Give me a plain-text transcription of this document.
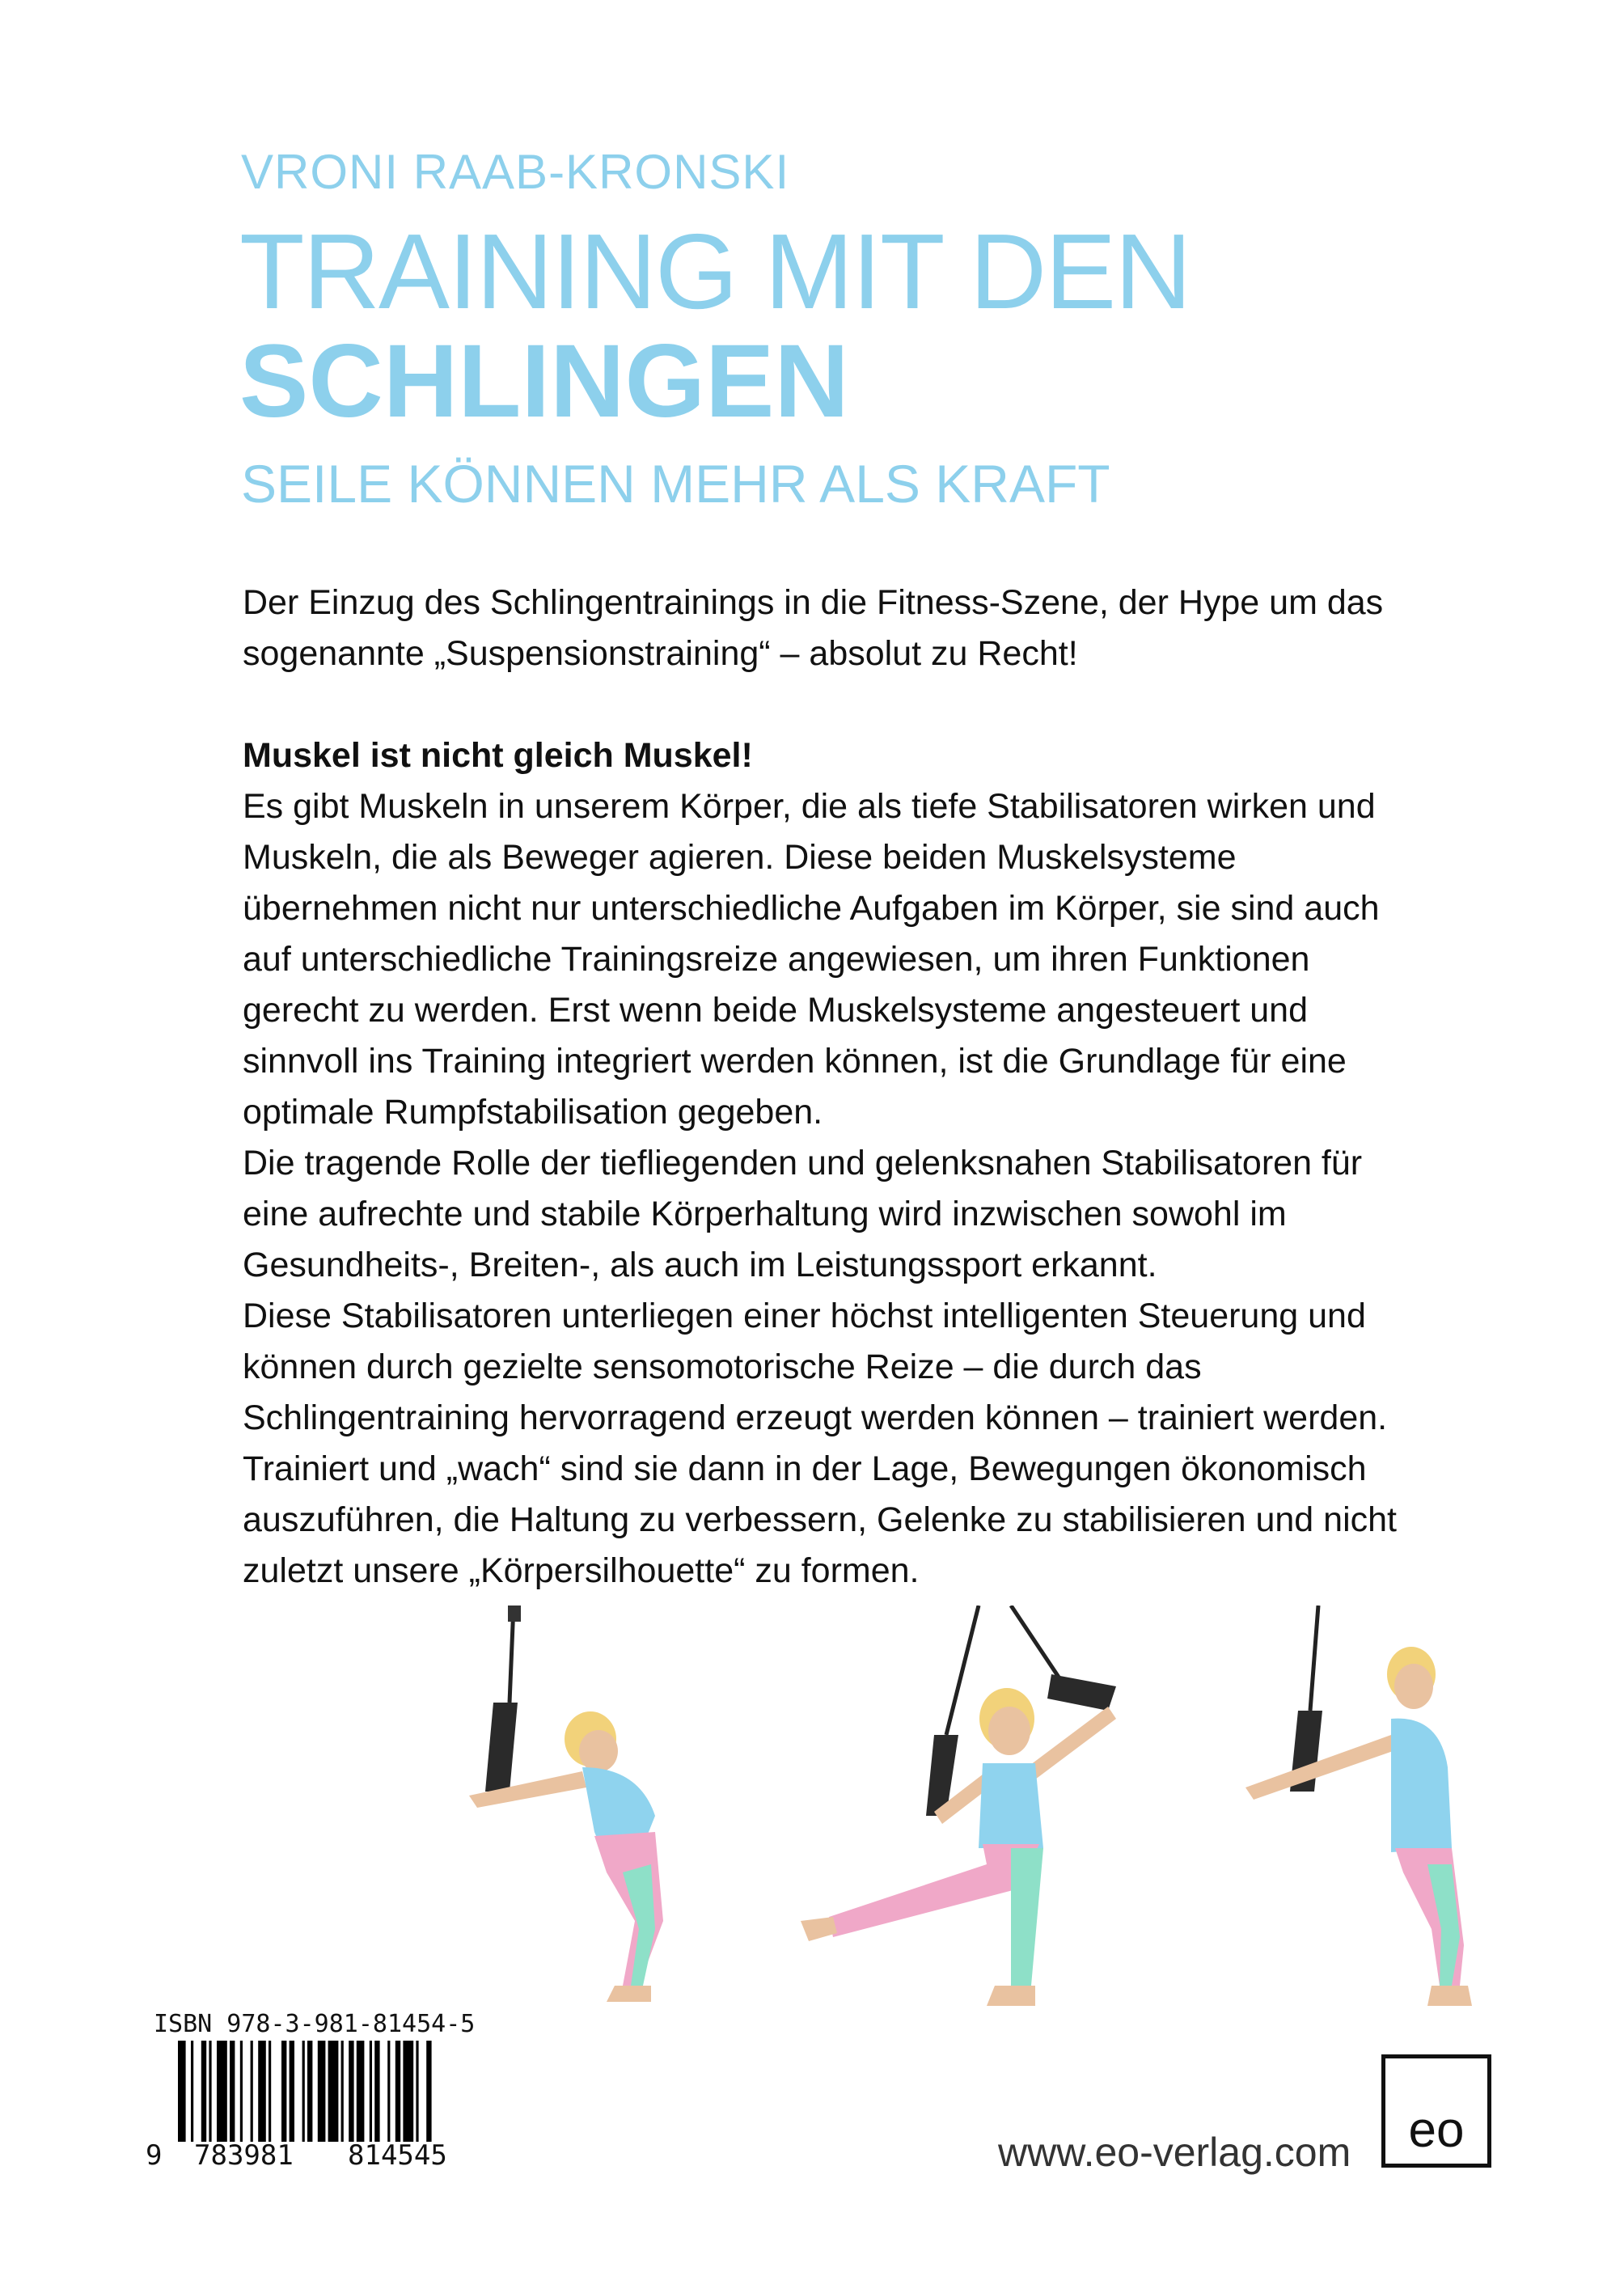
VRONI RAAB-KRONSKI
TRAINING MIT DEN
SCHLINGEN
SEILE KÖNNEN MEHR ALS KRAFT

Der Einzug des Schlingentrainings in die Fitness-Szene, der Hype um das sogenannte „Suspensionstraining“ – absolut zu Recht!

Muskel ist nicht gleich Muskel!

Es gibt Muskeln in unserem Körper, die als tiefe Stabilisatoren wirken und Muskeln, die als Beweger agieren. Diese beiden Muskelsysteme übernehmen nicht nur unterschiedliche Aufgaben im Körper, sie sind auch auf unterschiedliche Trainingsreize angewiesen, um ihren Funktionen gerecht zu werden. Erst wenn beide Muskelsysteme angesteuert und sinnvoll ins Training integriert werden können, ist die Grundlage für eine optimale Rumpfstabilisation gegeben.

Die tragende Rolle der tiefliegenden und gelenksnahen Stabilisatoren für eine aufrechte und stabile Körperhaltung wird inzwischen sowohl im Gesundheits-, Breiten-, als auch im Leistungssport erkannt.

Diese Stabilisatoren unterliegen einer höchst intelligenten Steuerung und können durch gezielte sensomotorische Reize – die durch das Schlingentraining hervorragend erzeugt werden können – trainiert werden. Trainiert und „wach“ sind sie dann in der Lage, Bewegungen ökonomisch auszuführen, die Haltung zu verbessern, Gelenke zu stabilisieren und nicht zuletzt unsere „Körpersilhouette“ zu formen.

ISBN 978-3-981-81454-5
9 783981 814545	www.eo-verlag.com	eo
